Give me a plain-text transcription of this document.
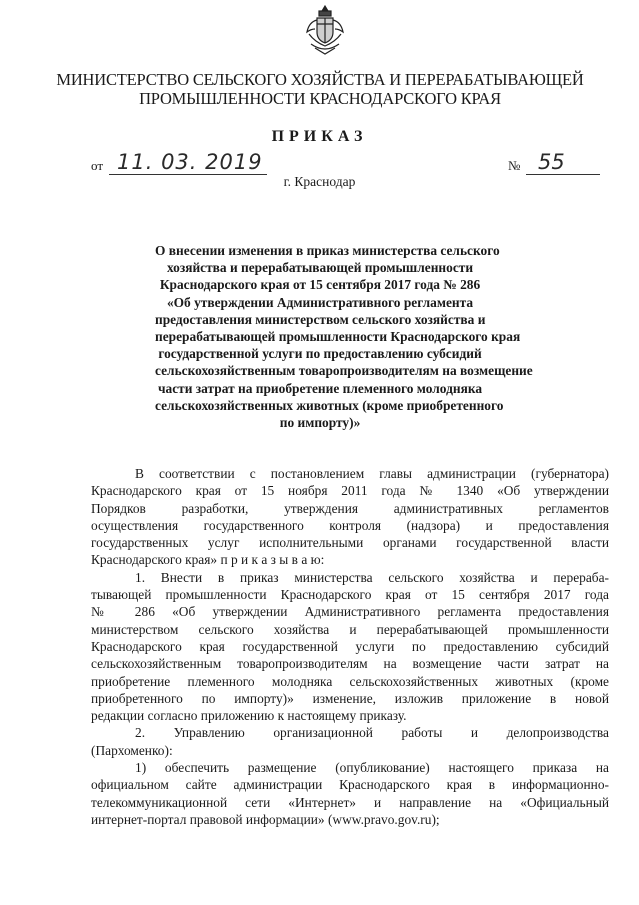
МИНИСТЕРСТВО СЕЛЬСКОГО ХОЗЯЙСТВА И ПЕРЕРАБАТЫВАЮЩЕЙ
ПРОМЫШЛЕННОСТИ КРАСНОДАРСКОГО КРАЯ
ПРИКАЗ
от 11. 03. 2019	№ 55
г. Краснодар
О внесении изменения в приказ министерства сельского
хозяйства и перерабатывающей промышленности
Краснодарского края от 15 сентября 2017 года № 286
«Об утверждении Административного регламента
предоставления министерством сельского хозяйства и
перерабатывающей промышленности Краснодарского края
государственной услуги по предоставлению субсидий
сельскохозяйственным товаропроизводителям на возмещение
части затрат на приобретение племенного молодняка
сельскохозяйственных животных (кроме приобретенного
по импорту)»
В соответствии с постановлением главы администрации (губернатора)
Краснодарского края от 15 ноября 2011 года № 1340 «Об утверждении
Порядков разработки, утверждения административных регламентов
осуществления государственного контроля (надзора) и предоставления
государственных услуг исполнительными органами государственной власти
Краснодарского края» п р и к а з ы в а ю:
1. Внести в приказ министерства сельского хозяйства и перераба-
тывающей промышленности Краснодарского края от 15 сентября 2017 года
№ 286 «Об утверждении Административного регламента предоставления
министерством сельского хозяйства и перерабатывающей промышленности
Краснодарского края государственной услуги по предоставлению субсидий
сельскохозяйственным товаропроизводителям на возмещение части затрат на
приобретение племенного молодняка сельскохозяйственных животных (кроме
приобретенного по импорту)» изменение, изложив приложение в новой
редакции согласно приложению к настоящему приказу.
2. Управлению организационной работы и делопроизводства
(Пархоменко):
1) обеспечить размещение (опубликование) настоящего приказа на
официальном сайте администрации Краснодарского края в информационно-
телекоммуникационной сети «Интернет» и направление на «Официальный
интернет-портал правовой информации» (www.pravo.gov.ru);
